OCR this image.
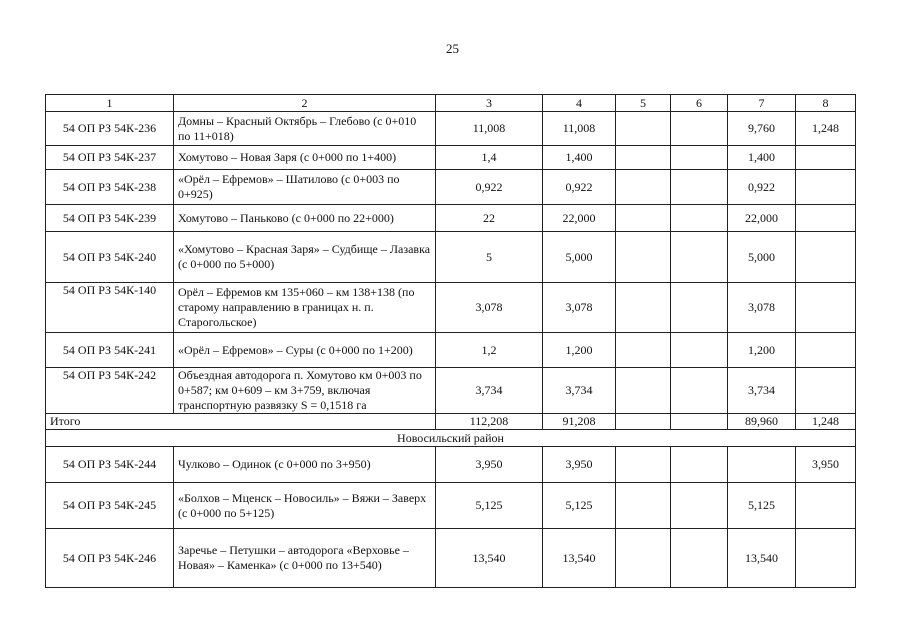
25
1	2	3	4	5	6	7	8
54 ОП РЗ 54К-236	Домны – Красный Октябрь – Глебово (с 0+010 по 11+018)	11,008	11,008			9,760	1,248
54 ОП РЗ 54К-237	Хомутово – Новая Заря (с 0+000 по 1+400)	1,4	1,400			1,400	
54 ОП РЗ 54К-238	«Орёл – Ефремов» – Шатилово (с 0+003 по 0+925)	0,922	0,922			0,922	
54 ОП РЗ 54К-239	Хомутово – Паньково (с 0+000 по 22+000)	22	22,000			22,000	
54 ОП РЗ 54К-240	«Хомутово – Красная Заря» – Судбище – Лазавка (с 0+000 по 5+000)	5	5,000			5,000	
54 ОП РЗ 54К-140	Орёл – Ефремов км 135+060 – км 138+138 (по старому направлению в границах н. п. Старогольское)	3,078	3,078			3,078	
54 ОП РЗ 54К-241	«Орёл – Ефремов» – Суры (с 0+000 по 1+200)	1,2	1,200			1,200	
54 ОП РЗ 54К-242	Объездная автодорога п. Хомутово км 0+003 по 0+587; км 0+609 – км 3+759, включая транспортную развязку S = 0,1518 га	3,734	3,734			3,734	
Итого		112,208	91,208			89,960	1,248
Новосильский район							
54 ОП РЗ 54К-244	Чулково – Одинок (с 0+000 по 3+950)	3,950	3,950				3,950
54 ОП РЗ 54К-245	«Болхов – Мценск – Новосиль» – Вяжи – Заверх (с 0+000 по 5+125)	5,125	5,125			5,125	
54 ОП РЗ 54К-246	Заречье – Петушки – автодорога «Верховье – Новая» – Каменка» (с 0+000 по 13+540)	13,540	13,540			13,540	
